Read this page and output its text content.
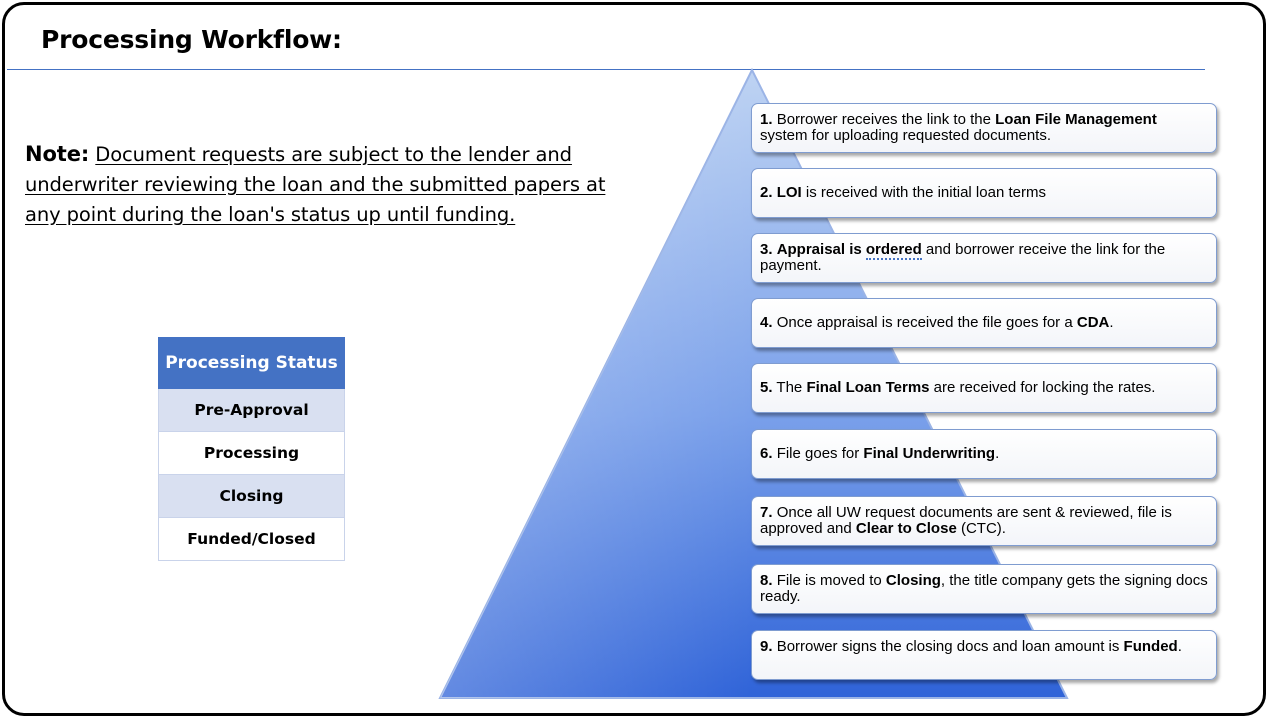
Processing Workflow:

Note: Document requests are subject to the lender and underwriter reviewing the loan and the submitted papers at any point during the loan's status up until funding.

Processing Status
Pre-Approval
Processing
Closing
Funded/Closed
1. Borrower receives the link to the Loan File Management system for uploading requested documents.
2. LOI is received with the initial loan terms
3. Appraisal is ordered and borrower receive the link for the payment.
4. Once appraisal is received the file goes for a CDA.
5. The Final Loan Terms are received for locking the rates.
6. File goes for Final Underwriting.
7. Once all UW request documents are sent & reviewed, file is approved and Clear to Close (CTC).
8. File is moved to Closing, the title company gets the signing docs ready.
9. Borrower signs the closing docs and loan amount is Funded.
